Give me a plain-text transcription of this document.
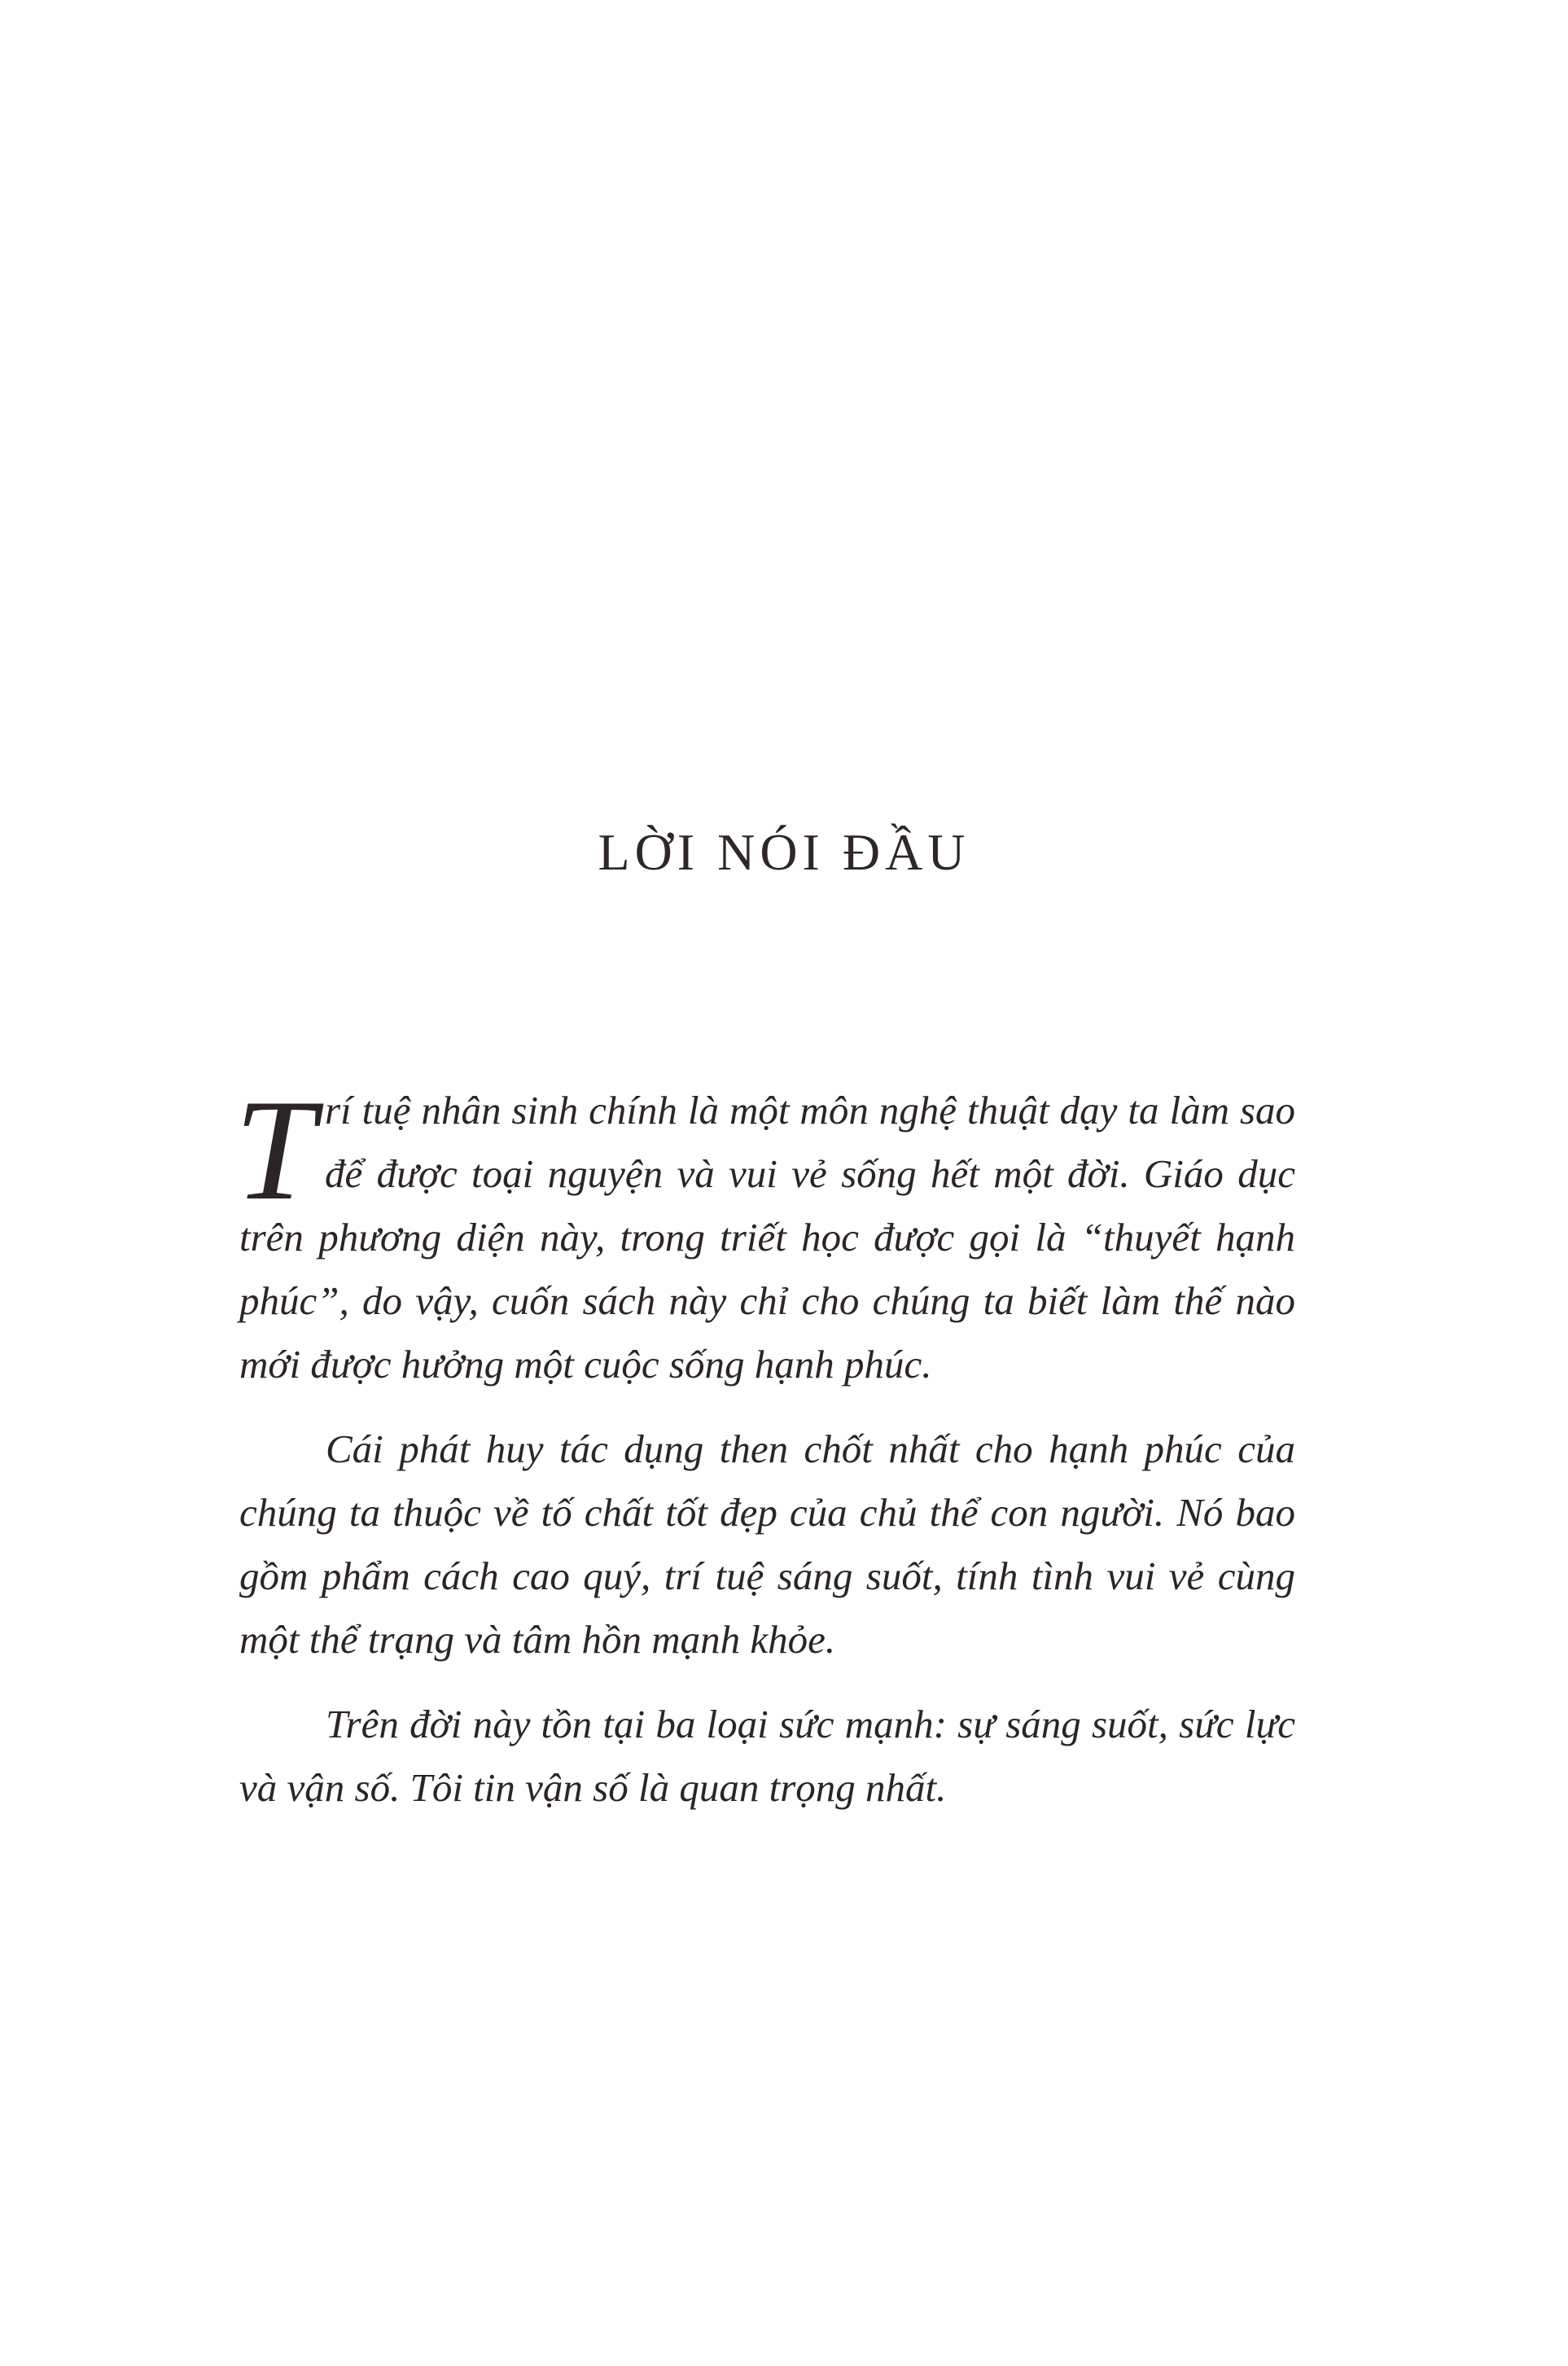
LỜI NÓI ĐẦU

Trí tuệ nhân sinh chính là một môn nghệ thuật dạy ta làm sao để được toại nguyện và vui vẻ sống hết một đời. Giáo dục trên phương diện này, trong triết học được gọi là “thuyết hạnh phúc”, do vậy, cuốn sách này chỉ cho chúng ta biết làm thế nào mới được hưởng một cuộc sống hạnh phúc.

Cái phát huy tác dụng then chốt nhất cho hạnh phúc của chúng ta thuộc về tố chất tốt đẹp của chủ thể con người. Nó bao gồm phẩm cách cao quý, trí tuệ sáng suốt, tính tình vui vẻ cùng một thể trạng và tâm hồn mạnh khỏe.

Trên đời này tồn tại ba loại sức mạnh: sự sáng suốt, sức lực và vận số. Tôi tin vận số là quan trọng nhất.
